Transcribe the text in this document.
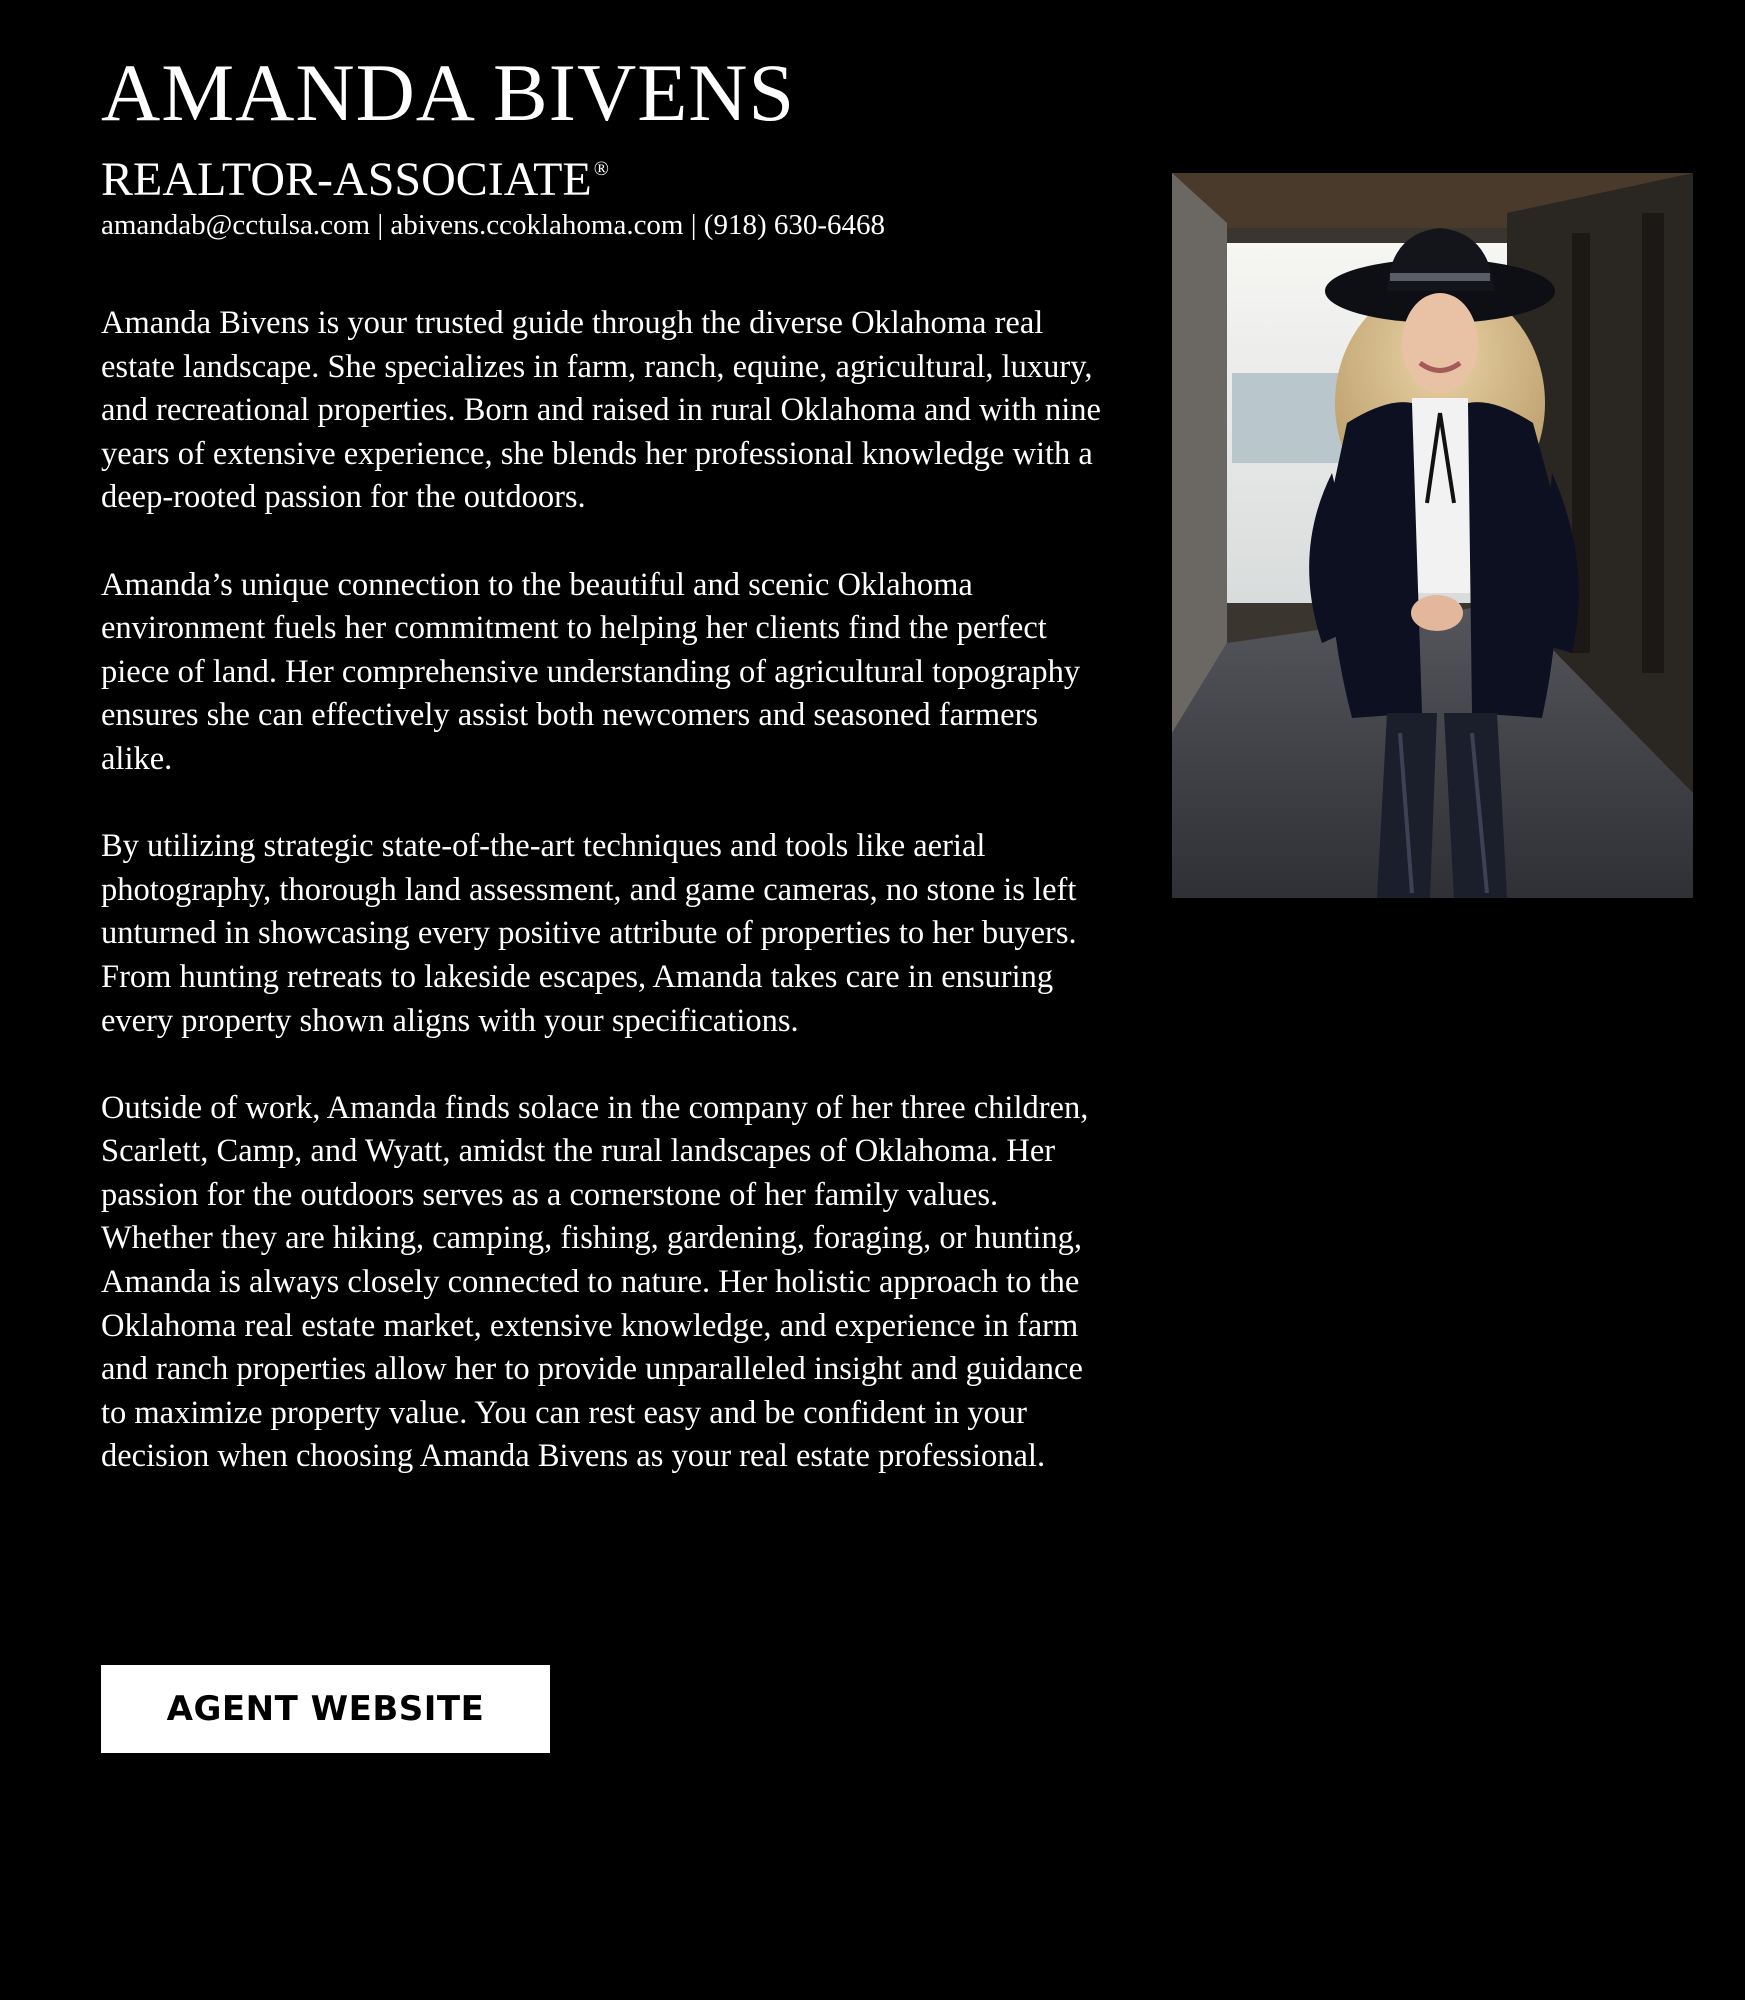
AMANDA BIVENS
REALTOR-ASSOCIATE ®
amandab@cctulsa.com | abivens.ccoklahoma.com | (918) 630-6468

Amanda Bivens is your trusted guide through the diverse Oklahoma real estate landscape. She specializes in farm, ranch, equine, agricultural, luxury, and recreational properties. Born and raised in rural Oklahoma and with nine years of extensive experience, she blends her professional knowledge with a deep-rooted passion for the outdoors.

Amanda’s unique connection to the beautiful and scenic Oklahoma environment fuels her commitment to helping her clients find the perfect piece of land. Her comprehensive understanding of agricultural topography ensures she can effectively assist both newcomers and seasoned farmers alike.

By utilizing strategic state-of-the-art techniques and tools like aerial photography, thorough land assessment, and game cameras, no stone is left unturned in showcasing every positive attribute of properties to her buyers. From hunting retreats to lakeside escapes, Amanda takes care in ensuring every property shown aligns with your specifications.

Outside of work, Amanda finds solace in the company of her three children, Scarlett, Camp, and Wyatt, amidst the rural landscapes of Oklahoma. Her passion for the outdoors serves as a cornerstone of her family values. Whether they are hiking, camping, fishing, gardening, foraging, or hunting, Amanda is always closely connected to nature. Her holistic approach to the Oklahoma real estate market, extensive knowledge, and experience in farm and ranch properties allow her to provide unparalleled insight and guidance to maximize property value. You can rest easy and be confident in your decision when choosing Amanda Bivens as your real estate professional.

AGENT WEBSITE
